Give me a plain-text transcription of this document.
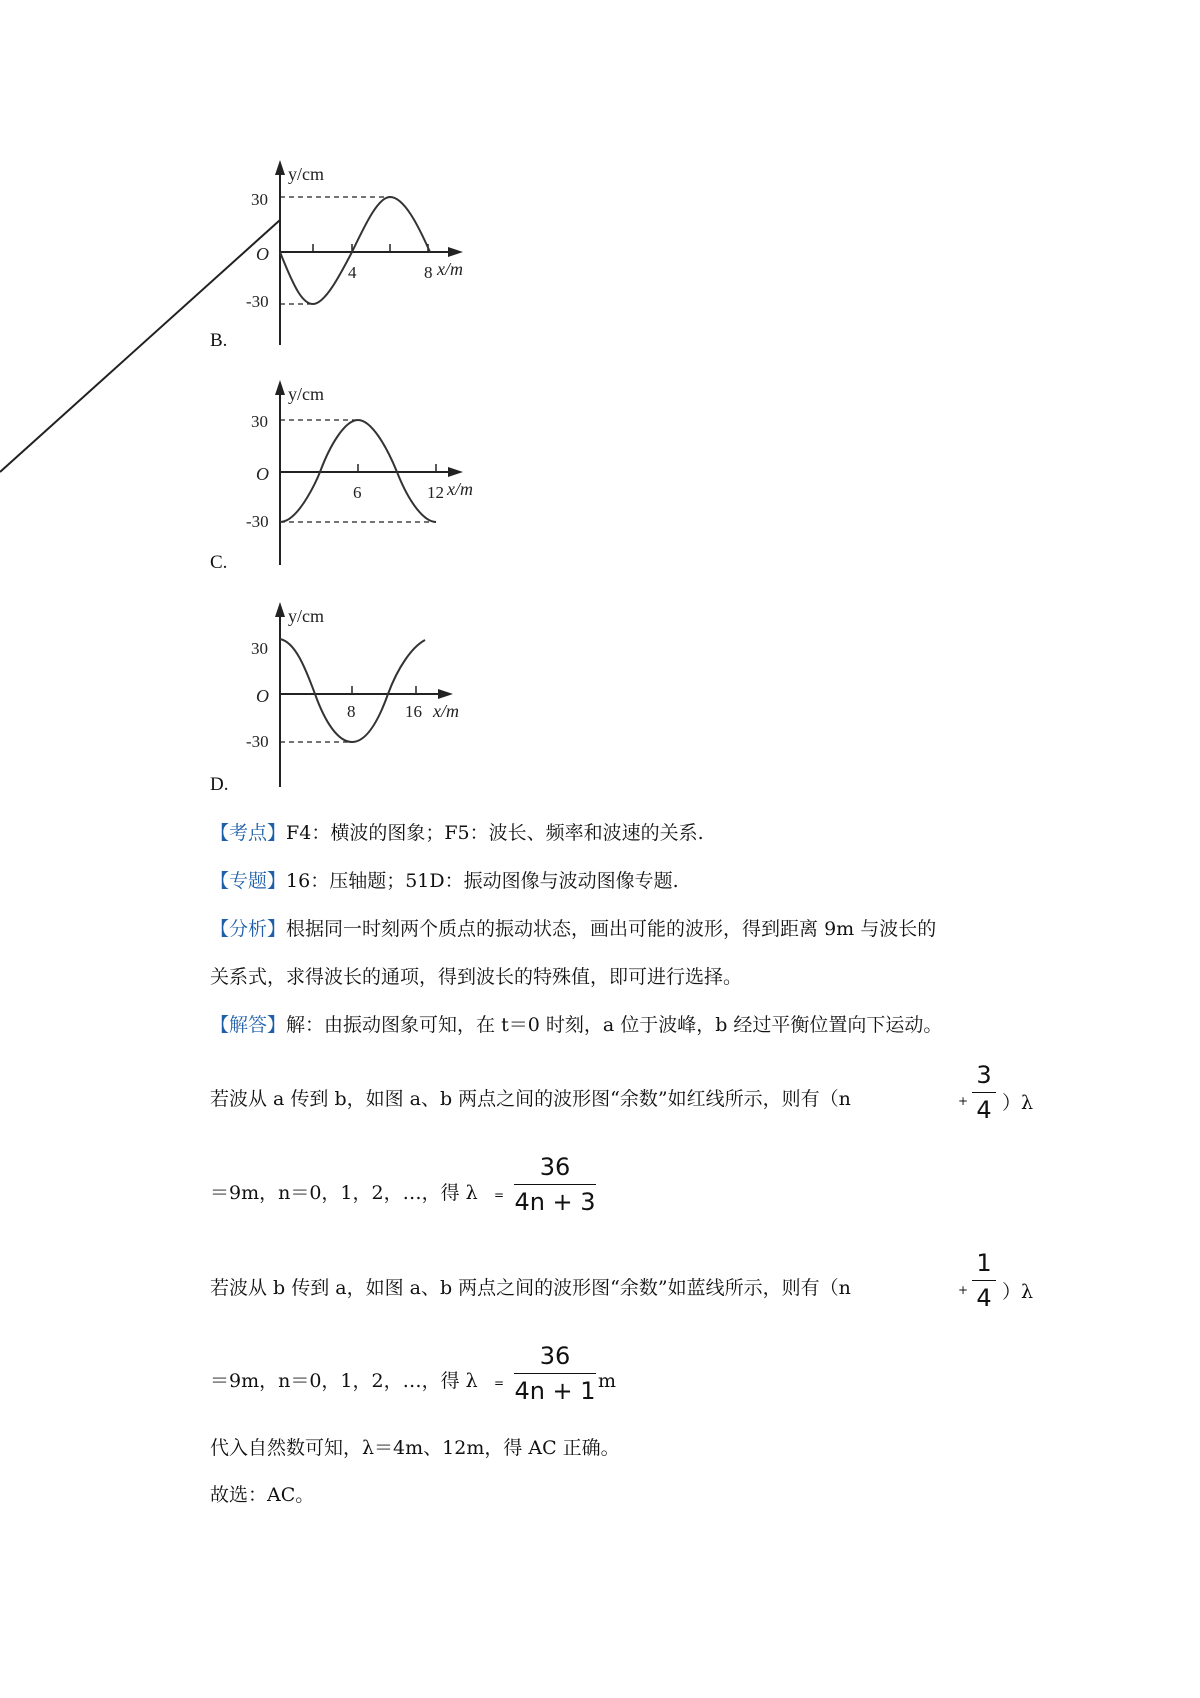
y/cm
O
30
-30
4	8 x/m
B.
y/cm
O
30
-30
6	12 x/m
C.
y/cm
O
30
-30
8	16 x/m
D.
【考点】F4：横波的图象；F5：波长、频率和波速的关系.
【专题】16：压轴题；51D：振动图像与波动图像专题.
【分析】根据同一时刻两个质点的振动状态，画出可能的波形，得到距离 9m 与波长的
关系式，求得波长的通项，得到波长的特殊值，即可进行选择。
【解答】解：由振动图象可知，在 t＝0 时刻，a 位于波峰，b 经过平衡位置向下运动。
若波从 a 传到 b，如图 a、b 两点之间的波形图“余数”如红线所示，则有（n	+
3
4 ）λ
＝9m，n＝0，1，2，…，得 λ =
36
4n + 3
若波从 b 传到 a，如图 a、b 两点之间的波形图“余数”如蓝线所示，则有（n	+
1
4 ）λ
＝9m，n＝0，1，2，…，得 λ =
36
4n + 1 m
代入自然数可知，λ＝4m、12m，得 AC 正确。
故选：AC。
